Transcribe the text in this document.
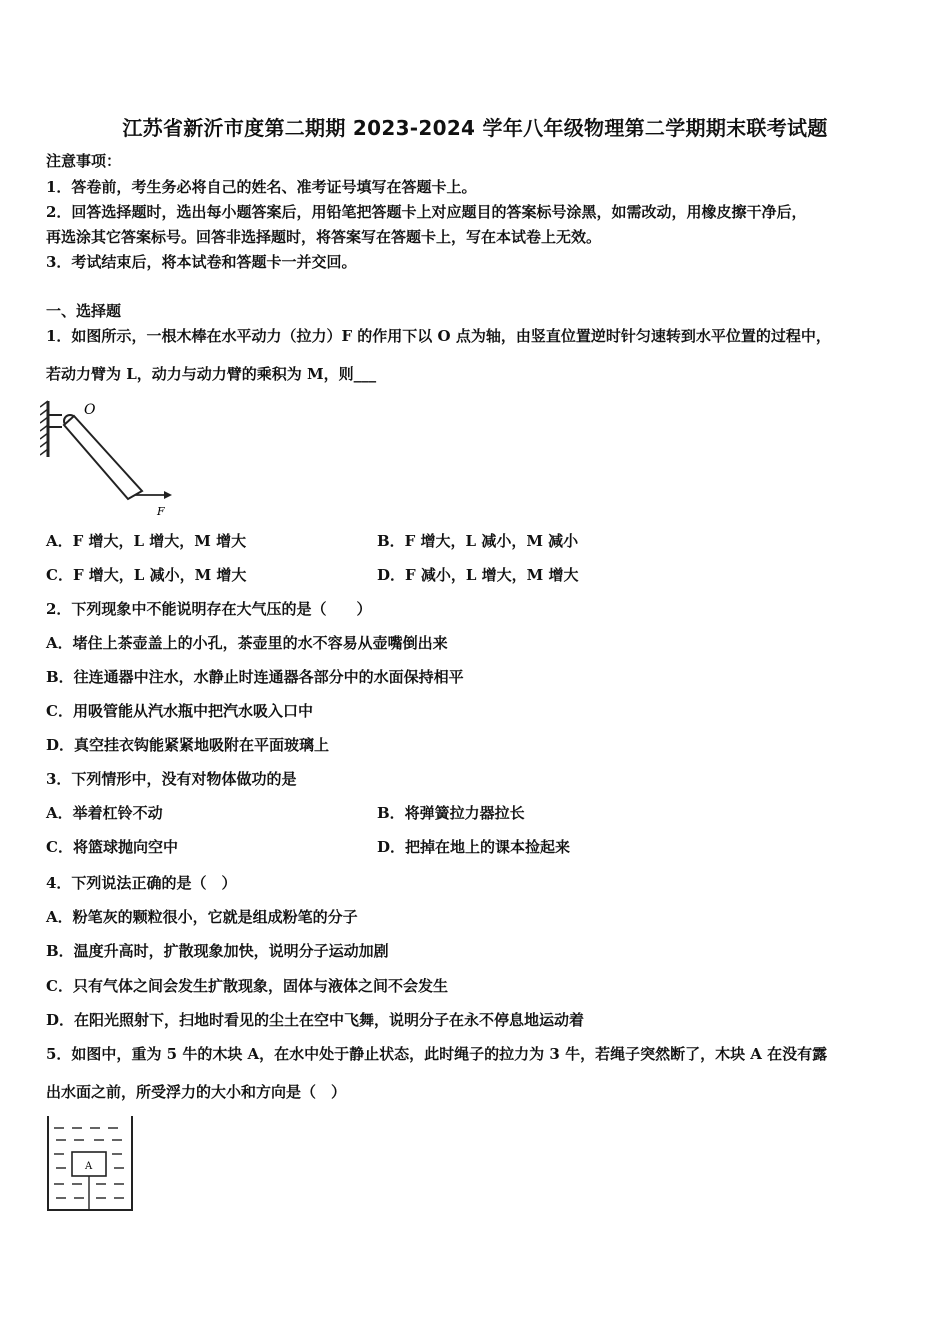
江苏省新沂市度第二期期 2023-2024 学年八年级物理第二学期期末联考试题
注意事项：
1．答卷前，考生务必将自己的姓名、准考证号填写在答题卡上。
2．回答选择题时，选出每小题答案后，用铅笔把答题卡上对应题目的答案标号涂黑，如需改动，用橡皮擦干净后，
再选涂其它答案标号。回答非选择题时，将答案写在答题卡上，写在本试卷上无效。
3．考试结束后，将本试卷和答题卡一并交回。
一、选择题
1．如图所示，一根木棒在水平动力（拉力）F 的作用下以 O 点为轴，由竖直位置逆时针匀速转到水平位置的过程中，
若动力臂为 L，动力与动力臂的乘积为 M，则___
O
F
A．F 增大，L 增大，M 增大	B．F 增大，L 减小，M 减小
C．F 增大，L 减小，M 增大	D．F 减小，L 增大，M 增大
2．下列现象中不能说明存在大气压的是（　　）
A．堵住上茶壶盖上的小孔，茶壶里的水不容易从壶嘴倒出来
B．往连通器中注水，水静止时连通器各部分中的水面保持相平
C．用吸管能从汽水瓶中把汽水吸入口中
D．真空挂衣钩能紧紧地吸附在平面玻璃上
3．下列情形中，没有对物体做功的是
A．举着杠铃不动	B．将弹簧拉力器拉长
C．将篮球抛向空中	D．把掉在地上的课本捡起来
4．下列说法正确的是（　）
A．粉笔灰的颗粒很小，它就是组成粉笔的分子
B．温度升高时，扩散现象加快，说明分子运动加剧
C．只有气体之间会发生扩散现象，固体与液体之间不会发生
D．在阳光照射下，扫地时看见的尘土在空中飞舞，说明分子在永不停息地运动着
5．如图中，重为 5 牛的木块 A，在水中处于静止状态，此时绳子的拉力为 3 牛，若绳子突然断了，木块 A 在没有露
出水面之前，所受浮力的大小和方向是（　）
A
